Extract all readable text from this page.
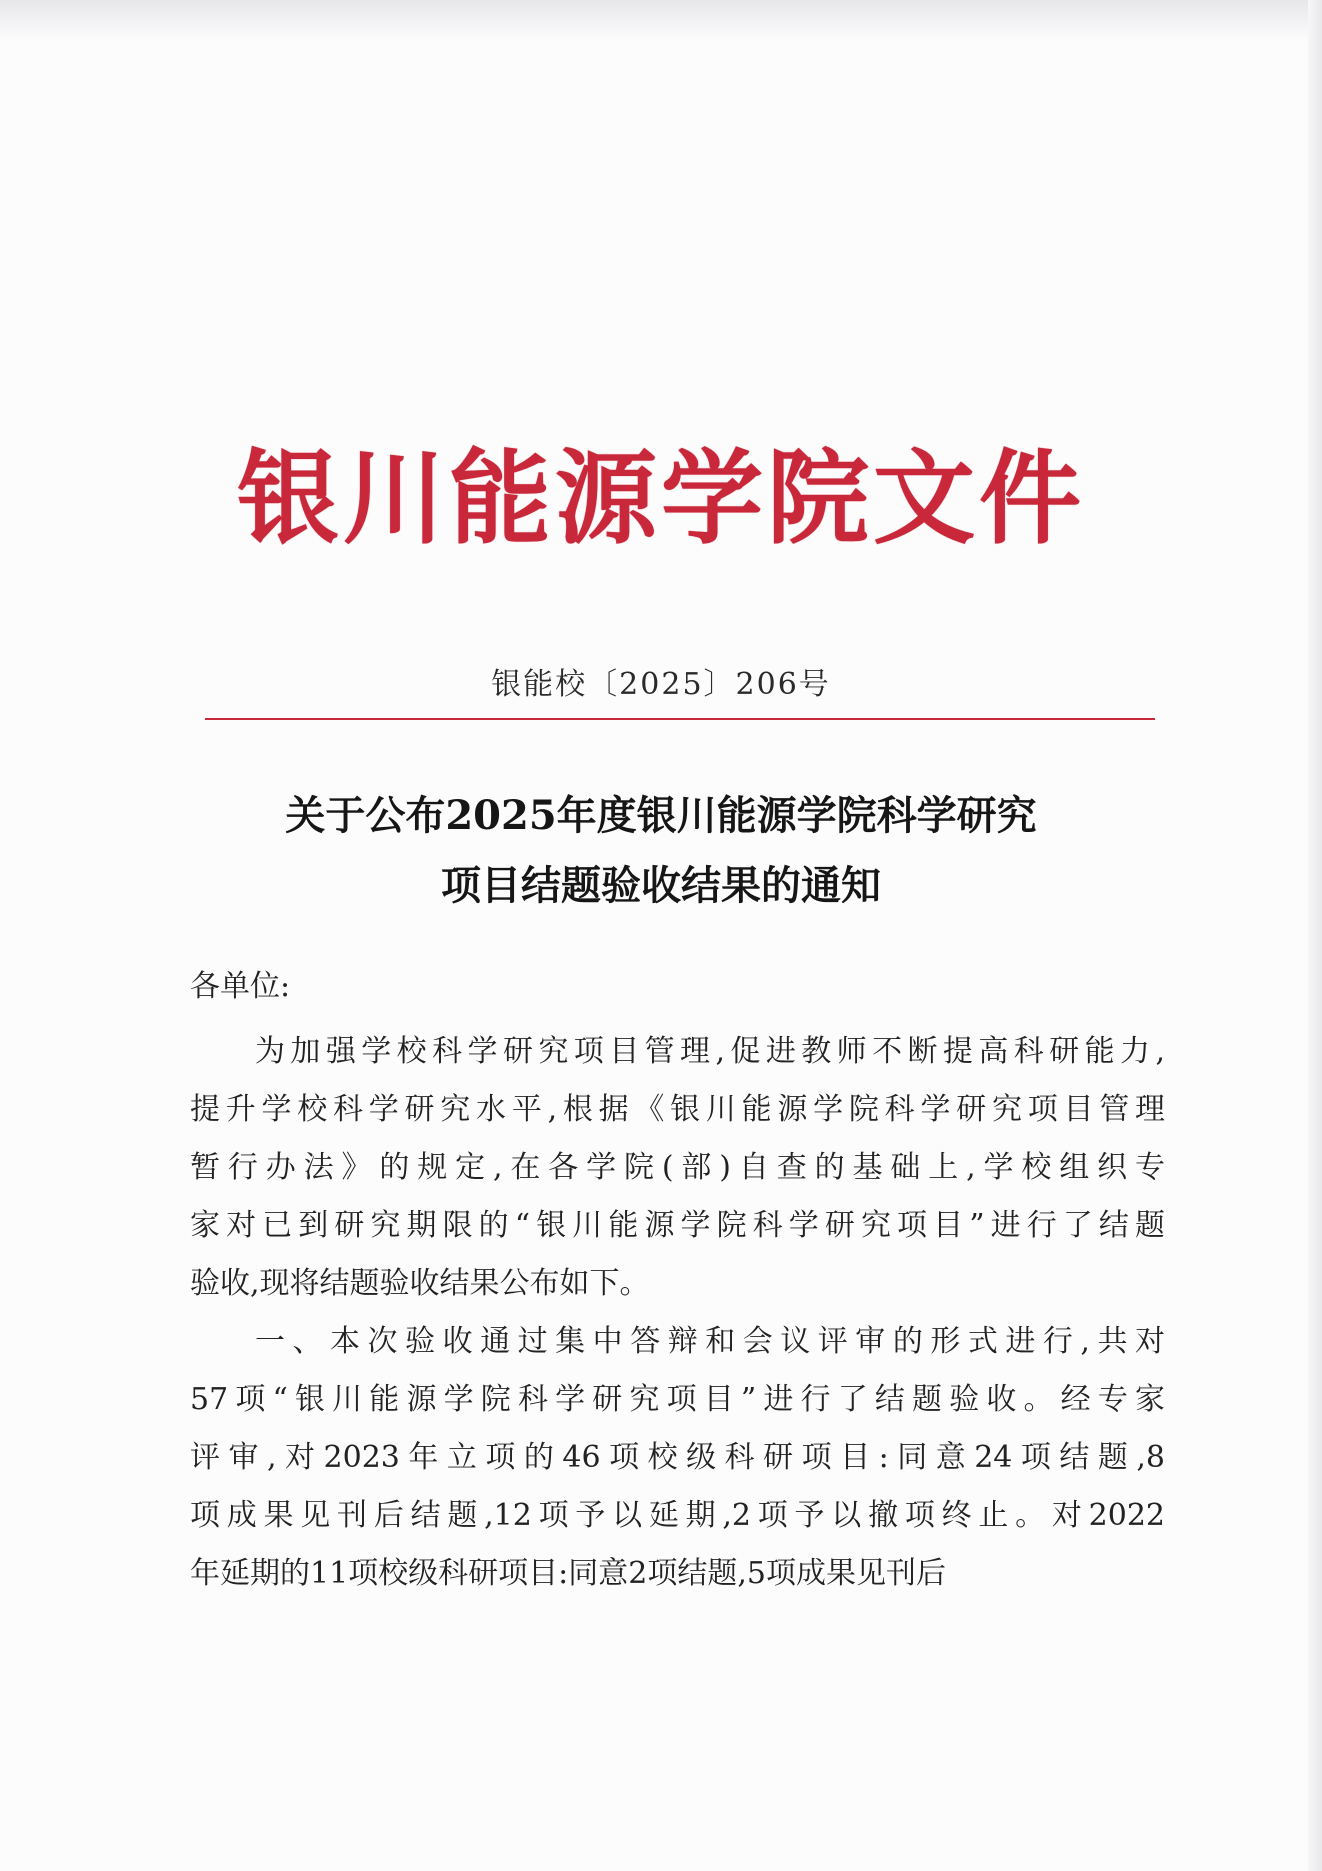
银川能源学院文件
银能校〔2025〕206号
关于公布2025年度银川能源学院科学研究
项目结题验收结果的通知
各单位:
为加强学校科学研究项目管理,促进教师不断提高科研能力,
提升学校科学研究水平,根据《银川能源学院科学研究项目管理
暂行办法》的规定,在各学院(部)自查的基础上,学校组织专
家对已到研究期限的“银川能源学院科学研究项目”进行了结题
验收,现将结题验收结果公布如下。
一、本次验收通过集中答辩和会议评审的形式进行,共对
57项“银川能源学院科学研究项目”进行了结题验收。经专家
评审,对2023年立项的46项校级科研项目:同意24项结题,8
项成果见刊后结题,12项予以延期,2项予以撤项终止。对2022
年延期的11项校级科研项目:同意2项结题,5项成果见刊后
